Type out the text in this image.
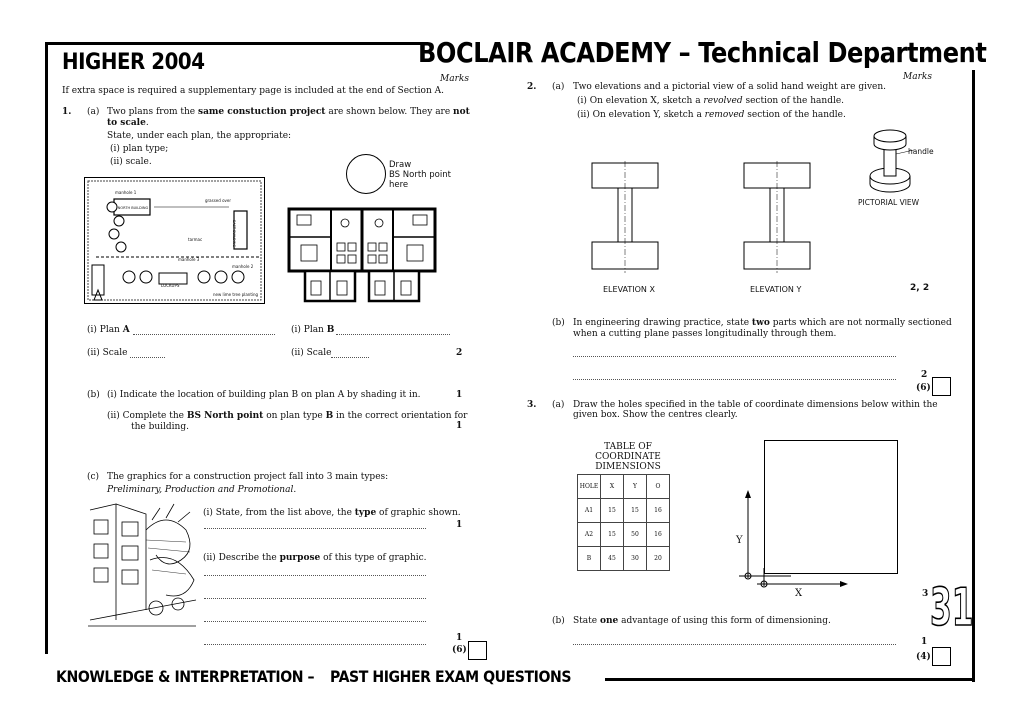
HIGHER 2004	BOCLAIR ACADEMY – Technical Department
Marks	Marks
If extra space is required a supplementary page is included at the end of Section A.
1. (a) Two plans from the same constuction project are shown below. They are not
to scale.
State, under each plan, the appropriate:
(i) plan type;
(ii) scale.	Draw
BS North point
here
manhole 1
grassed over
NORTH BUILDING
tarmac	EAST BUILDING
manhole 3
manhole 2
LOCKUPS
new lime tree planting
(i) Plan A	(i) Plan B
(ii) Scale	(ii) Scale	2
(b) (i) Indicate the location of building plan B on plan A by shading it in.	1
(ii) Complete the BS North point on plan type B in the correct orientation for
the building.	1
(c) The graphics for a construction project fall into 3 main types:
Preliminary, Production and Promotional.
(i) State, from the list above, the type of graphic shown.
1
(ii) Describe the purpose of this type of graphic.
1
(6)
2. (a) Two elevations and a pictorial view of a solid hand weight are given.
(i) On elevation X, sketch a revolved section of the handle.
(ii) On elevation Y, sketch a removed section of the handle.
ELEVATION X	ELEVATION Y
handle
PICTORIAL VIEW
2, 2
(b) In engineering drawing practice, state two parts which are not normally sectioned
when a cutting plane passes longitudinally through them.
2
(6)
3. (a) Draw the holes specified in the table of coordinate dimensions below within the
given box. Show the centres clearly.
TABLE OF
COORDINATE
DIMENSIONS
HOLE	X	Y	O
A1	15	15	16
A2	15	50	16
B	45	30	20
Y
X	3
(b) State one advantage of using this form of dimensioning.
1
(4)
31
KNOWLEDGE & INTERPRETATION – PAST HIGHER EXAM QUESTIONS
